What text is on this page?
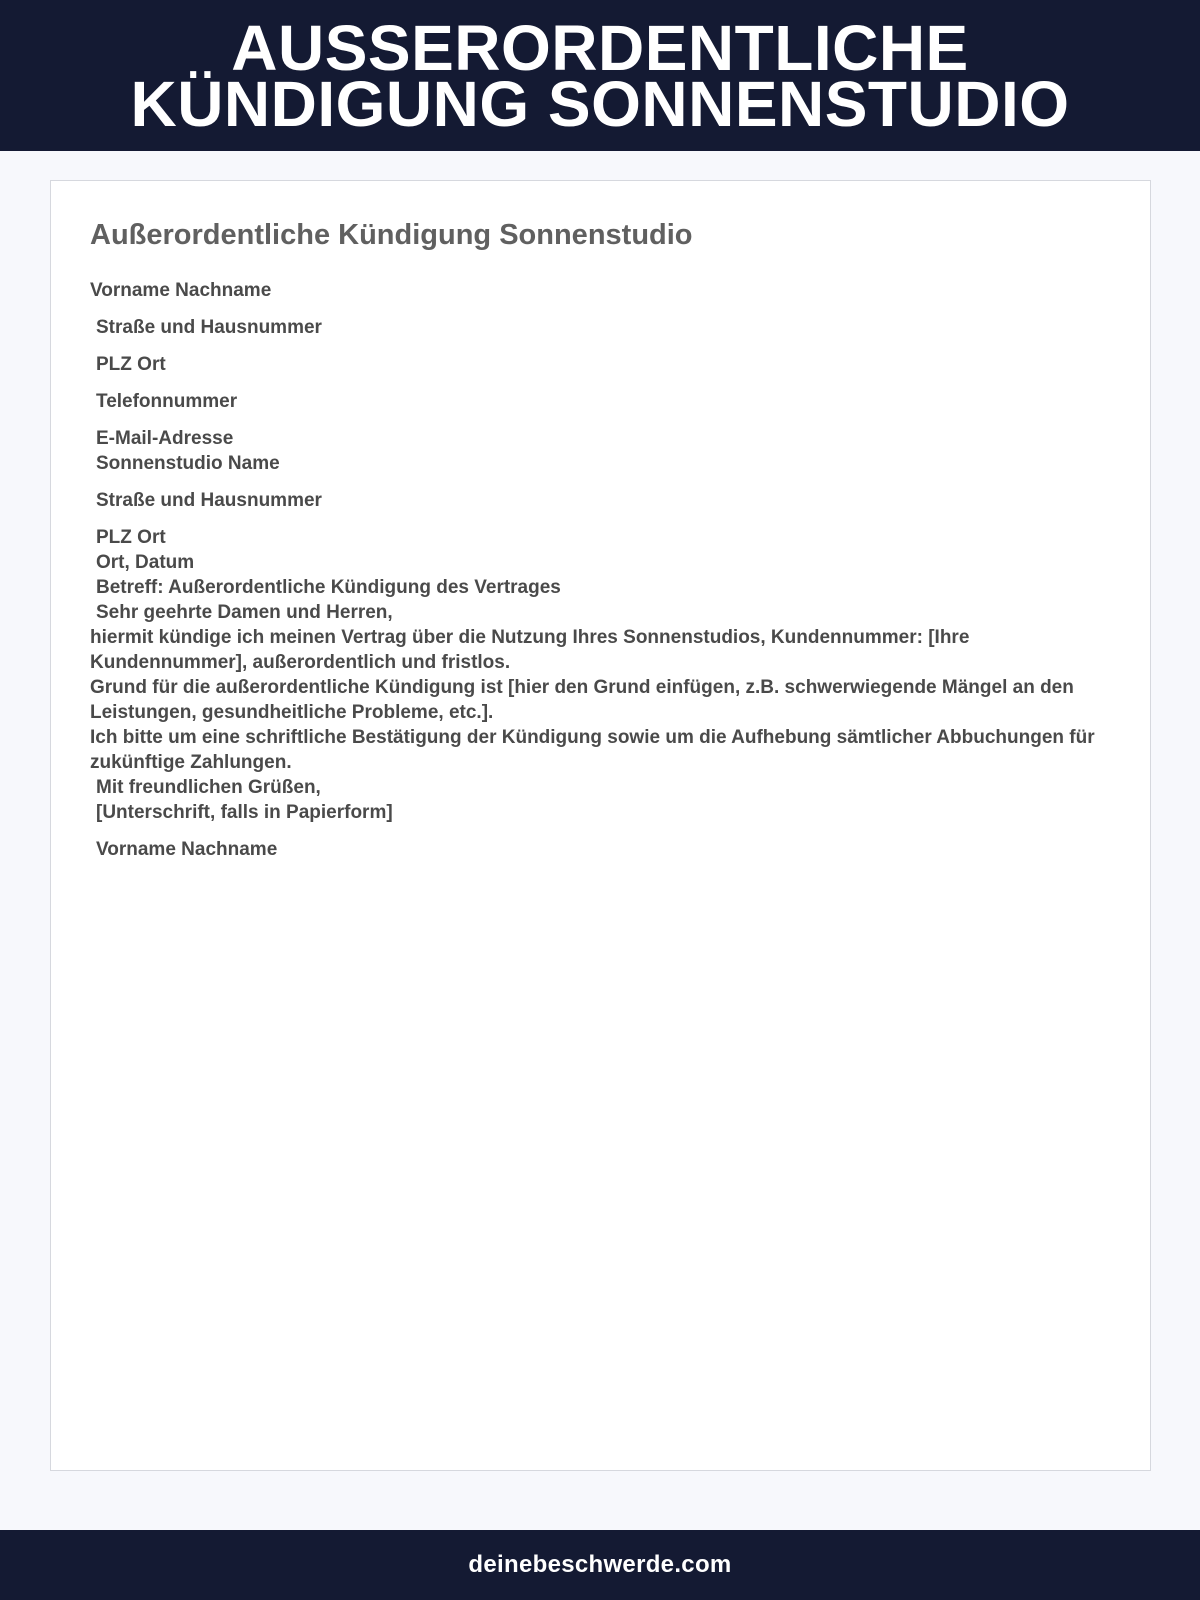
AUSSERORDENTLICHE
KÜNDIGUNG SONNENSTUDIO
Außerordentliche Kündigung Sonnenstudio
Vorname Nachname
Straße und Hausnummer
PLZ Ort
Telefonnummer
E-Mail-Adresse
Sonnenstudio Name
Straße und Hausnummer
PLZ Ort
Ort, Datum
Betreff: Außerordentliche Kündigung des Vertrages
Sehr geehrte Damen und Herren,
hiermit kündige ich meinen Vertrag über die Nutzung Ihres Sonnenstudios, Kundennummer: [Ihre Kundennummer], außerordentlich und fristlos.
Grund für die außerordentliche Kündigung ist [hier den Grund einfügen, z.B. schwerwiegende Mängel an den Leistungen, gesundheitliche Probleme, etc.].
Ich bitte um eine schriftliche Bestätigung der Kündigung sowie um die Aufhebung sämtlicher Abbuchungen für zukünftige Zahlungen.
Mit freundlichen Grüßen,
[Unterschrift, falls in Papierform]
Vorname Nachname
deinebeschwerde.com
